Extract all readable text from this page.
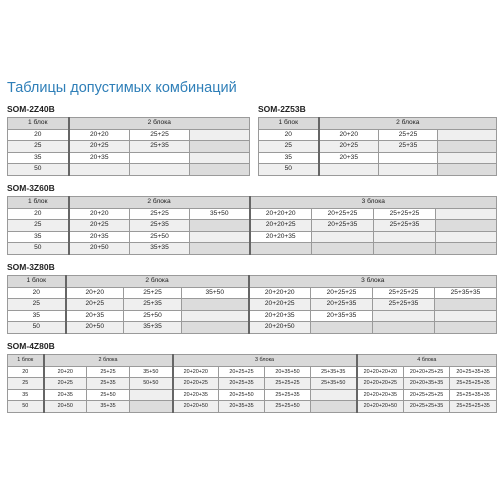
Таблицы допустимых комбинаций
SOM-2Z40B
1 блок	2 блока		
20	20+20	25+25	
25	20+25	25+35	
35	20+35		
50			
SOM-2Z53B
1 блок	2 блока		
20	20+20	25+25	
25	20+25	25+35	
35	20+35		
50			
SOM-3Z60B
1 блок	2 блока			3 блока			
20	20+20	25+25	35+50	20+20+20	20+25+25	25+25+25	
25	20+25	25+35		20+20+25	20+25+35	25+25+35	
35	20+35	25+50		20+20+35			
50	20+50	35+35					
SOM-3Z80B
1 блок	2 блока			3 блока			
20	20+20	25+25	35+50	20+20+20	20+25+25	25+25+25	25+35+35
25	20+25	25+35		20+20+25	20+25+35	25+25+35	
35	20+35	25+50		20+20+35	20+35+35		
50	20+50	35+35		20+20+50			
SOM-4Z80B
1 блок	2 блока			3 блока				4 блока		
20	20+20	25+25	35+50	20+20+20	20+25+25	20+35+50	25+35+35	20+20+20+20	20+20+25+25	20+25+35+35
25	20+25	25+35	50+50	20+20+25	20+25+35	25+25+25	25+35+50	20+20+20+25	20+20+35+35	25+25+25+35
35	20+35	25+50		20+20+35	20+25+50	25+25+35		20+20+20+35	20+25+25+25	25+25+35+35
50	20+50	35+35		20+20+50	20+35+35	25+25+50		20+20+20+50	20+25+25+35	25+25+25+35
